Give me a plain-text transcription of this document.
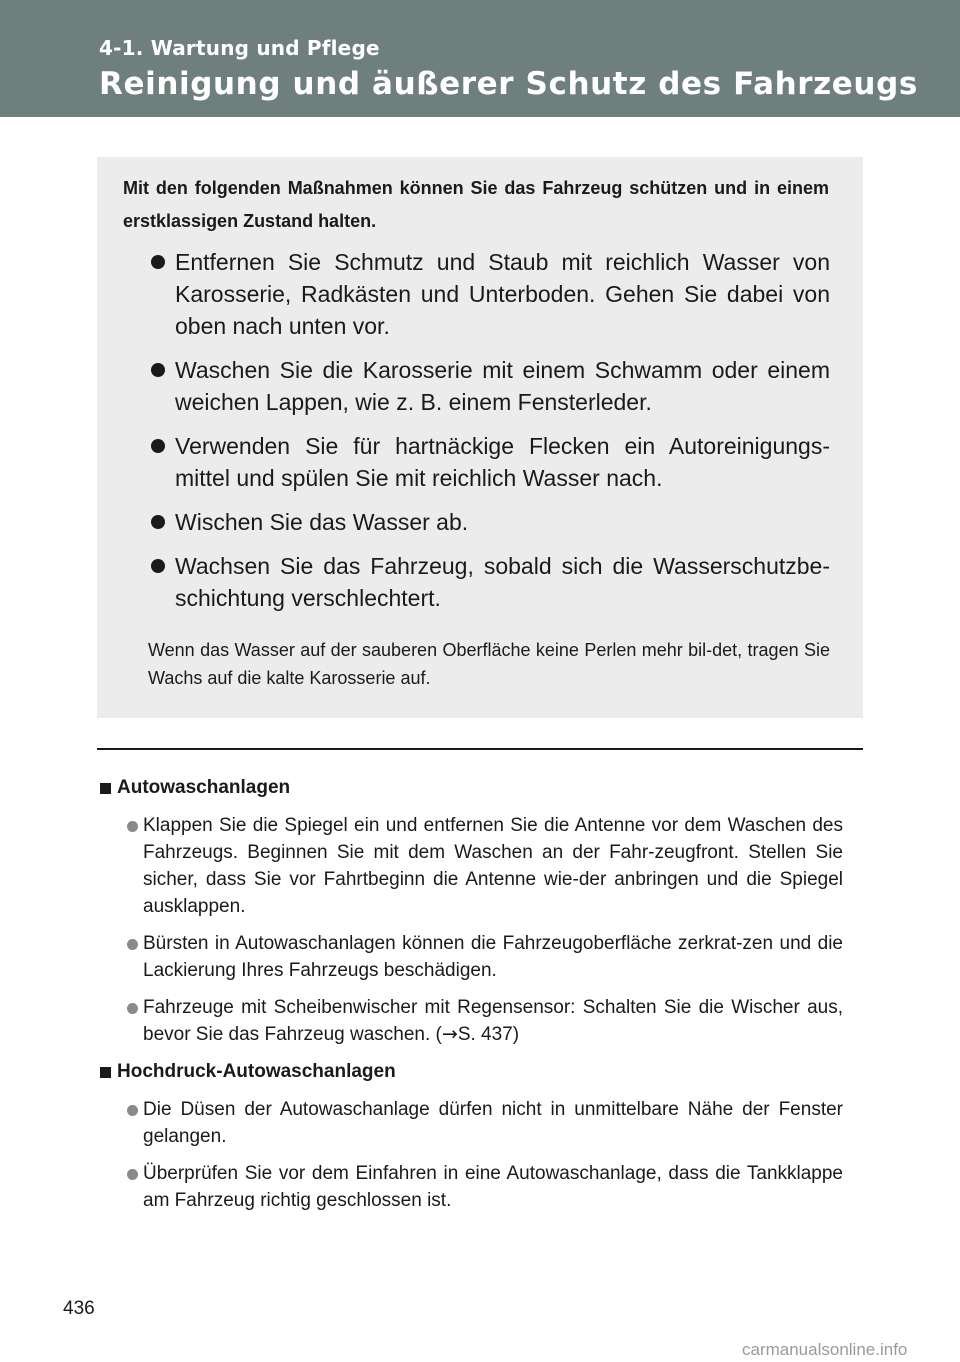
4-1. Wartung und Pflege
Reinigung und äußerer Schutz des Fahrzeugs
Mit den folgenden Maßnahmen können Sie das Fahrzeug schützen und in einem erstklassigen Zustand halten.
Entfernen Sie Schmutz und Staub mit reichlich Wasser von Karosserie, Radkästen und Unterboden. Gehen Sie dabei von oben nach unten vor.
Waschen Sie die Karosserie mit einem Schwamm oder einem weichen Lappen, wie z. B. einem Fensterleder.
Verwenden Sie für hartnäckige Flecken ein Autoreinigungs-mittel und spülen Sie mit reichlich Wasser nach.
Wischen Sie das Wasser ab.
Wachsen Sie das Fahrzeug, sobald sich die Wasserschutzbe-schichtung verschlechtert.
Wenn das Wasser auf der sauberen Oberfläche keine Perlen mehr bil-det, tragen Sie Wachs auf die kalte Karosserie auf.
Autowaschanlagen
Klappen Sie die Spiegel ein und entfernen Sie die Antenne vor dem Waschen des Fahrzeugs. Beginnen Sie mit dem Waschen an der Fahr-zeugfront. Stellen Sie sicher, dass Sie vor Fahrtbeginn die Antenne wie-der anbringen und die Spiegel ausklappen.
Bürsten in Autowaschanlagen können die Fahrzeugoberfläche zerkrat-zen und die Lackierung Ihres Fahrzeugs beschädigen.
Fahrzeuge mit Scheibenwischer mit Regensensor: Schalten Sie die Wischer aus, bevor Sie das Fahrzeug waschen. (→S. 437)
Hochdruck-Autowaschanlagen
Die Düsen der Autowaschanlage dürfen nicht in unmittelbare Nähe der Fenster gelangen.
Überprüfen Sie vor dem Einfahren in eine Autowaschanlage, dass die Tankklappe am Fahrzeug richtig geschlossen ist.
436
carmanualsonline.info
